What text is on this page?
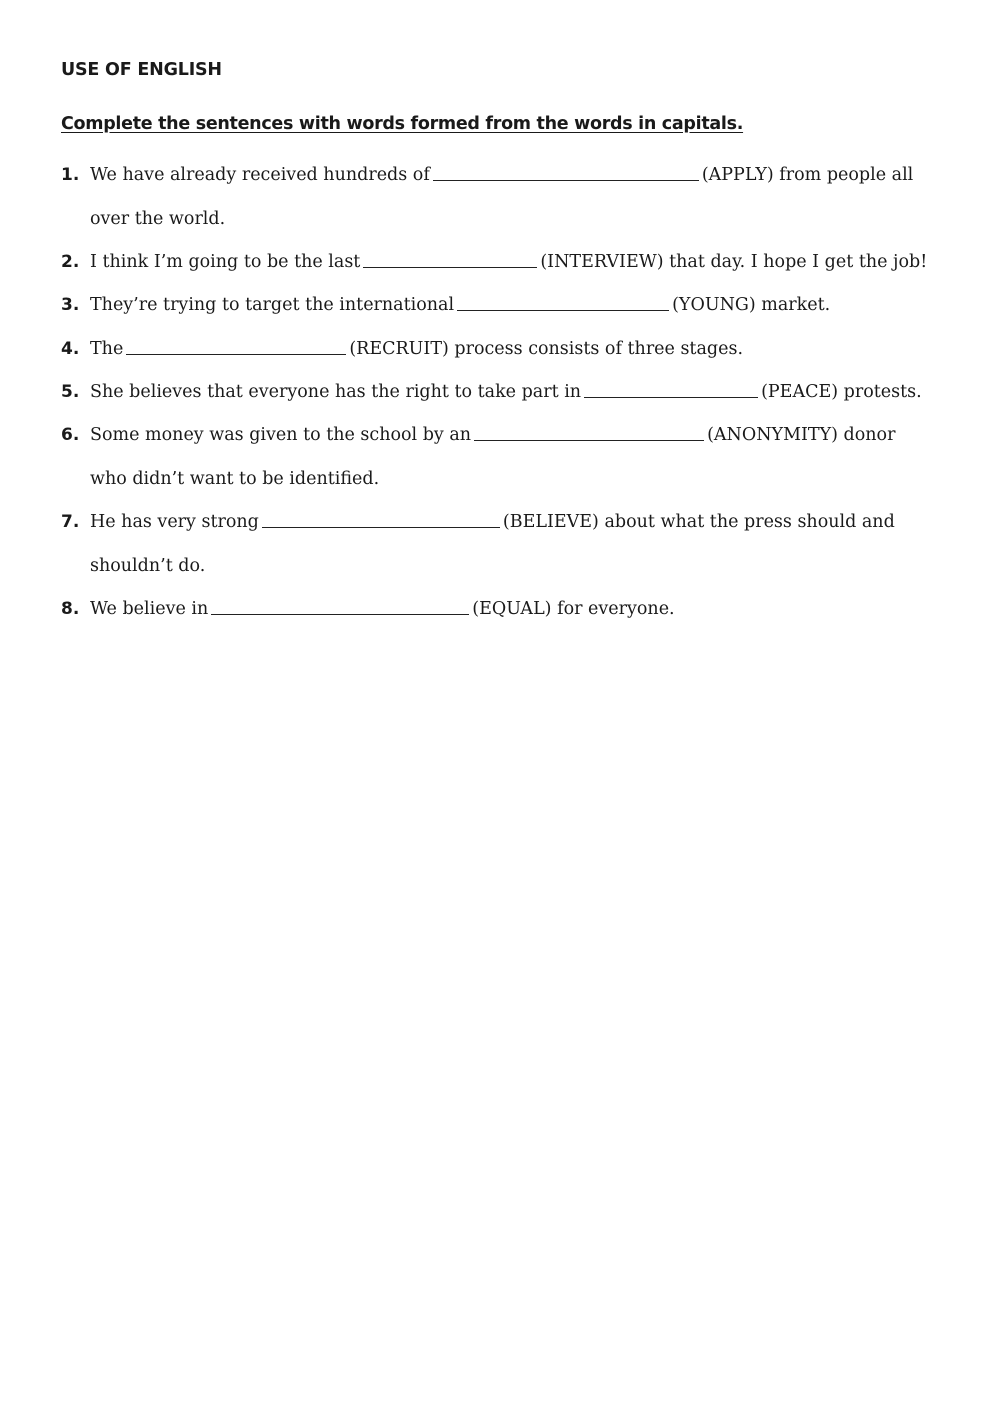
USE OF ENGLISH
Complete the sentences with words formed from the words in capitals.
1. We have already received hundreds of	(APPLY) from people all
over the world.
2. I think I’m going to be the last	(INTERVIEW) that day. I hope I get the job!
3. They’re trying to target the international	(YOUNG) market.
4. The	(RECRUIT) process consists of three stages.
5. She believes that everyone has the right to take part in	(PEACE) protests.
6. Some money was given to the school by an	(ANONYMITY) donor
who didn’t want to be identified.
7. He has very strong	(BELIEVE) about what the press should and
shouldn’t do.
8. We believe in	(EQUAL) for everyone.
